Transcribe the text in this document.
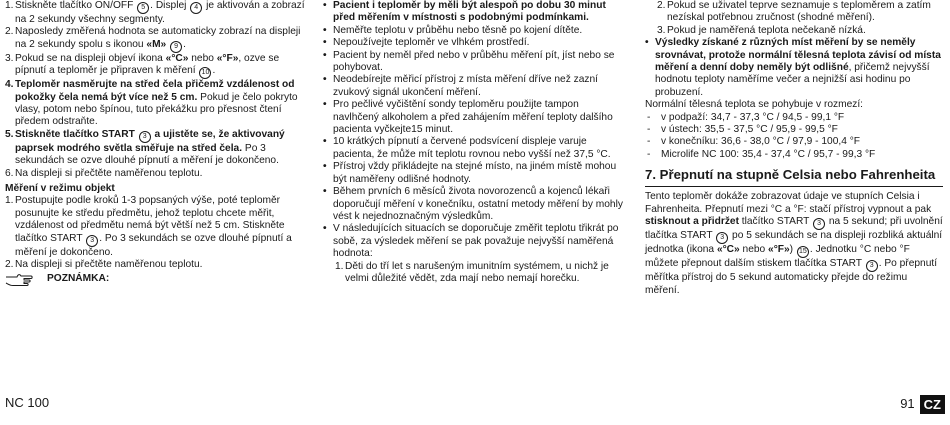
1. Stiskněte tlačítko ON/OFF 5 . Displej 4 je aktivován a zobrazí na 2 sekundy všechny segmenty.
2. Naposledy změřená hodnota se automaticky zobrazí na displeji na 2 sekundy spolu s ikonou «M» 9 .
3. Pokud se na displeji objeví ikona «°C» nebo «°F», ozve se pípnutí a teploměr je připraven k měření 10 .
4. Teploměr nasměrujte na střed čela přičemž vzdálenost od pokožky čela nemá být více než 5 cm. Pokud je čelo pokryto vlasy, potom nebo špínou, tuto překážku pro přesnost čtení předem odstraňte.
5. Stiskněte tlačítko START 3 a ujistěte se, že aktivovaný paprsek modrého světla směřuje na střed čela. Po 3 sekundách se ozve dlouhé pípnutí a měření je dokončeno.
6. Na displeji si přečtěte naměřenou teplotu.
Měření v režimu objekt
1. Postupujte podle kroků 1-3 popsaných výše, poté teploměr posunujte ke středu předmětu, jehož teplotu chcete měřit, vzdálenost od předmětu nemá být větší než 5 cm. Stiskněte tlačítko START 3 . Po 3 sekundách se ozve dlouhé pípnutí a měření je dokončeno.
2. Na displeji si přečtěte naměřenou teplotu.
POZNÁMKA:
• Pacient i teploměr by měli být alespoň po dobu 30 minut před měřením v místnosti s podobnými podmínkami.
• Neměřte teplotu v průběhu nebo těsně po kojení dítěte.
• Nepoužívejte teploměr ve vlhkém prostředí.
• Pacient by neměl před nebo v průběhu měření pít, jíst nebo se pohybovat.
• Neodebírejte měřicí přístroj z místa měření dříve než zazní zvukový signál ukončení měření.
• Pro pečlivé vyčištění sondy teploměru použijte tampon navlhčený alkoholem a před zahájením měření teploty dalšího pacienta vyčkejte15 minut.
• 10 krátkých pípnutí a červené podsvícení displeje varuje pacienta, že může mít teplotu rovnou nebo vyšší než 37,5 °C.
• Přístroj vždy přikládejte na stejné místo, na jiném místě mohou být naměřeny odlišné hodnoty.
• Během prvních 6 měsíců života novorozenců a kojenců lékaři doporučují měření v konečníku, ostatní metody měření by mohly vést k nejednoznačným výsledkům.
• V následujících situacích se doporučuje změřit teplotu třikrát po sobě, za výsledek měření se pak považuje nejvyšší naměřená hodnota:
1. Děti do tří let s narušeným imunitním systémem, u nichž je velmi důležité vědět, zda mají nebo nemají horečku.
2. Pokud se uživatel teprve seznamuje s teploměrem a zatím nezískal potřebnou zručnost (shodné měření).
3. Pokud je naměřená teplota nečekaně nízká.
• Výsledky získané z různých míst měření by se neměly srovnávat, protože normální tělesná teplota závisí od místa měření a denní doby neměly být odlišné, přičemž nejvyšší hodnotu teploty naměříme večer a nejnižší asi hodinu po probuzení.
Normální tělesná teplota se pohybuje v rozmezí:
-	v podpaží: 34,7 - 37,3 °C / 94,5 - 99,1 °F
-	v ústech: 35,5 - 37,5 °C / 95,9 - 99,5 °F
-	v konečníku: 36,6 - 38,0 °C / 97,9 - 100,4 °F
-	Microlife NC 100: 35,4 - 37,4 °C / 95,7 - 99,3 °F
7. Přepnutí na stupně Celsia nebo Fahrenheita
Tento teploměr dokáže zobrazovat údaje ve stupních Celsia i Fahrenheita. Přepnutí mezi °C a °F: stačí přístroj vypnout a pak stisknout a přidržet tlačítko START 3 na 5 sekund; při uvolnění tlačítka START 3 po 5 sekundách se na displeji rozbliká aktuální jednotka (ikona «°C» nebo «°F») 15 . Jednotku °C nebo °F můžete přepnout dalším stiskem tlačítka START 3 . Po přepnutí měřítka přístroj do 5 sekund automaticky přejde do režimu měření.
NC 100	91 CZ
